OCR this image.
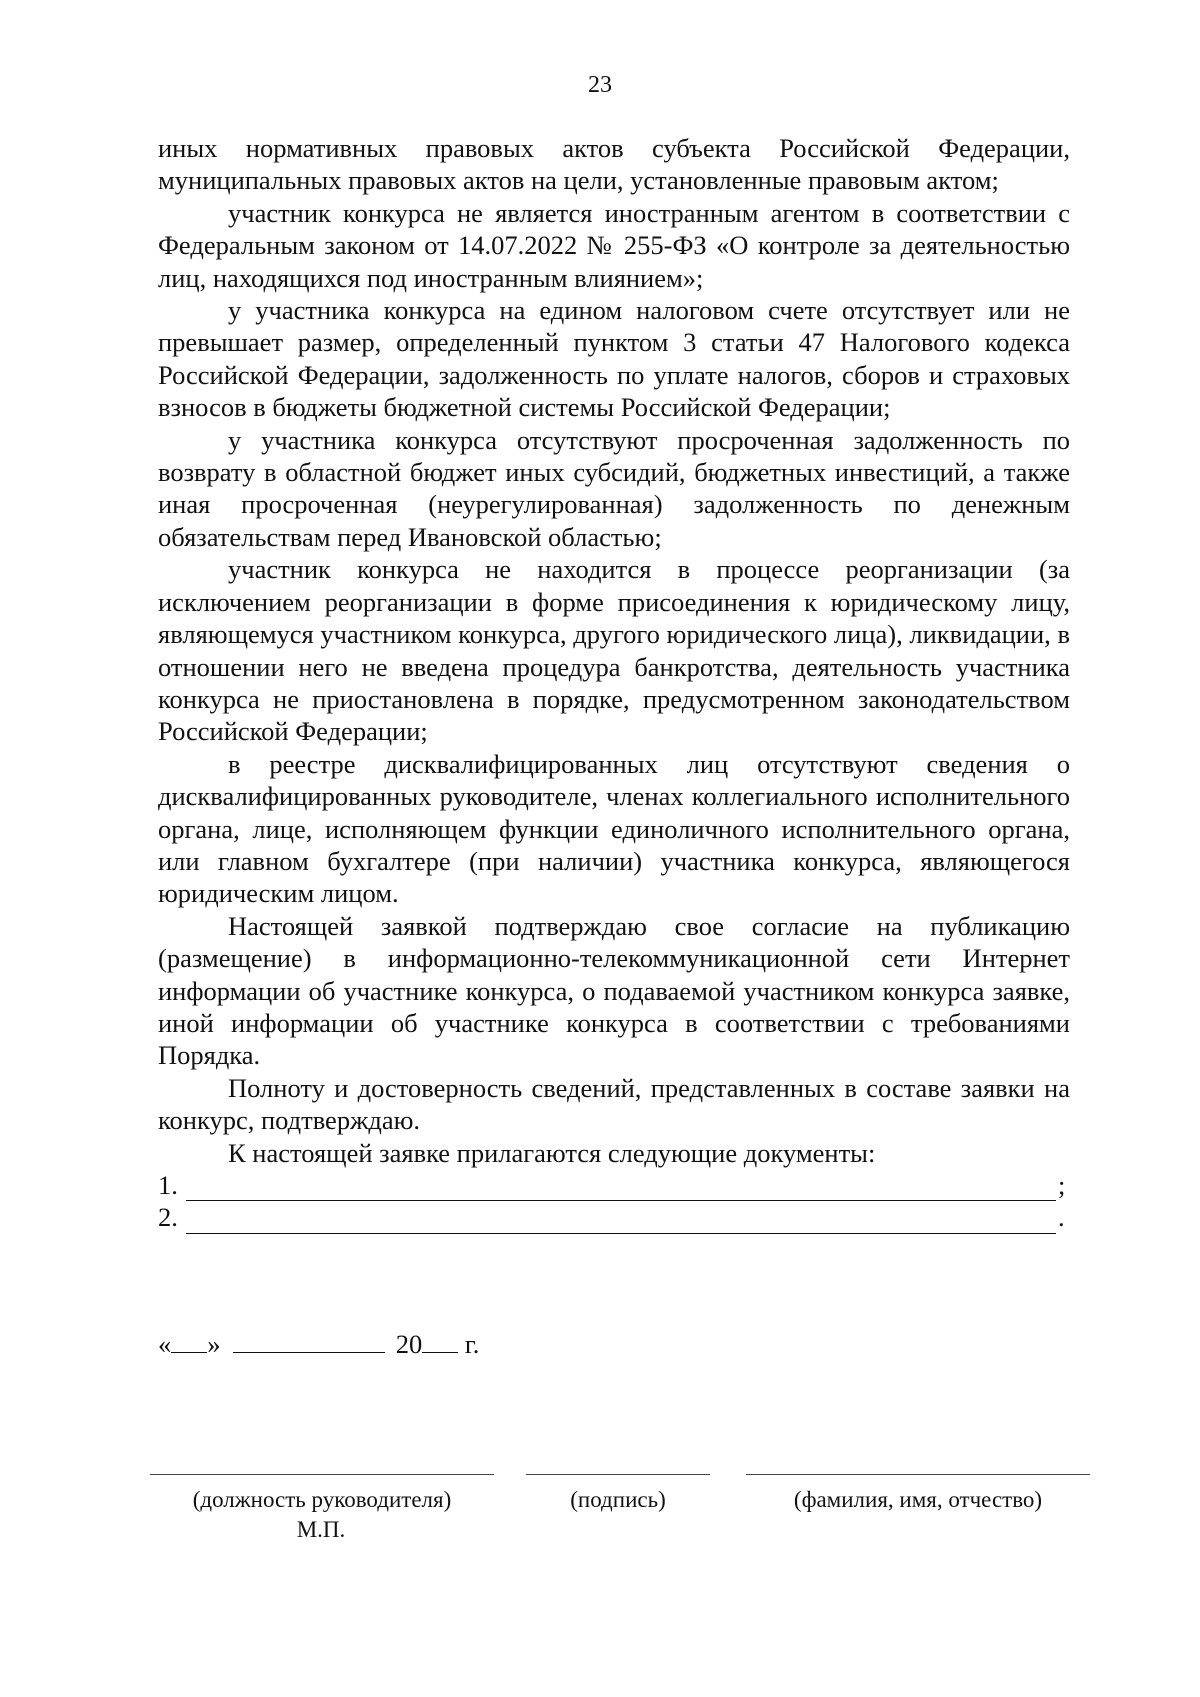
23

иных нормативных правовых актов субъекта Российской Федерации, муниципальных правовых актов на цели, установленные правовым актом;

участник конкурса не является иностранным агентом в соответствии с Федеральным законом от 14.07.2022 № 255-ФЗ «О контроле за деятельностью лиц, находящихся под иностранным влиянием»;

у участника конкурса на едином налоговом счете отсутствует или не превышает размер, определенный пунктом 3 статьи 47 Налогового кодекса Российской Федерации, задолженность по уплате налогов, сборов и страховых взносов в бюджеты бюджетной системы Российской Федерации;

у участника конкурса отсутствуют просроченная задолженность по возврату в областной бюджет иных субсидий, бюджетных инвестиций, а также иная просроченная (неурегулированная) задолженность по денежным обязательствам перед Ивановской областью;

участник конкурса не находится в процессе реорганизации (за исключением реорганизации в форме присоединения к юридическому лицу, являющемуся участником конкурса, другого юридического лица), ликвидации, в отношении него не введена процедура банкротства, деятельность участника конкурса не приостановлена в порядке, предусмотренном законодательством Российской Федерации;

в реестре дисквалифицированных лиц отсутствуют сведения о дисквалифицированных руководителе, членах коллегиального исполнительного органа, лице, исполняющем функции единоличного исполнительного органа, или главном бухгалтере (при наличии) участника конкурса, являющегося юридическим лицом.

Настоящей заявкой подтверждаю свое согласие на публикацию (размещение) в информационно-телекоммуникационной сети Интернет информации об участнике конкурса, о подаваемой участником конкурса заявке, иной информации об участнике конкурса в соответствии с требованиями Порядка.

Полноту и достоверность сведений, представленных в составе заявки на конкурс, подтверждаю.

К настоящей заявке прилагаются следующие документы:

1.	;
2.	.
« »	20 г.
(должность руководителя)	(подпись)	(фамилия, имя, отчество)
М.П.
